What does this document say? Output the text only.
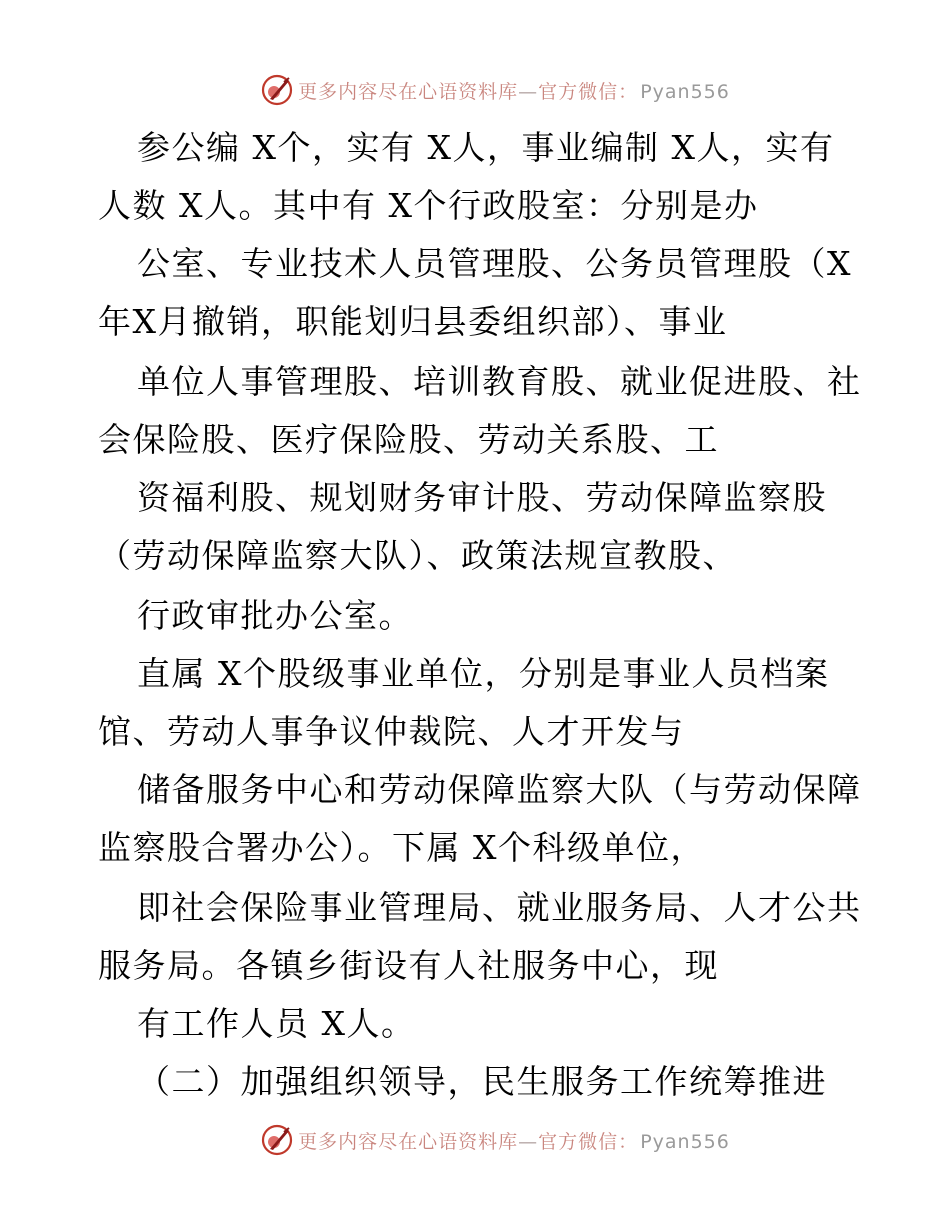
更多内容尽在心语资料库—官方微信： Pyan556
参公编 X个，实有 X人，事业编制 X人，实有
人数 X人。其中有 X个行政股室：分别是办
公室、专业技术人员管理股、公务员管理股（X
年X月撤销，职能划归县委组织部）、事业
单位人事管理股、培训教育股、就业促进股、社
会保险股、医疗保险股、劳动关系股、工
资福利股、规划财务审计股、劳动保障监察股
（劳动保障监察大队）、政策法规宣教股、
行政审批办公室。
直属 X个股级事业单位，分别是事业人员档案
馆、劳动人事争议仲裁院、人才开发与
储备服务中心和劳动保障监察大队（与劳动保障
监察股合署办公）。下属 X个科级单位，
即社会保险事业管理局、就业服务局、人才公共
服务局。各镇乡街设有人社服务中心，现
有工作人员 X人。
（二）加强组织领导，民生服务工作统筹推进
更多内容尽在心语资料库—官方微信： Pyan556
